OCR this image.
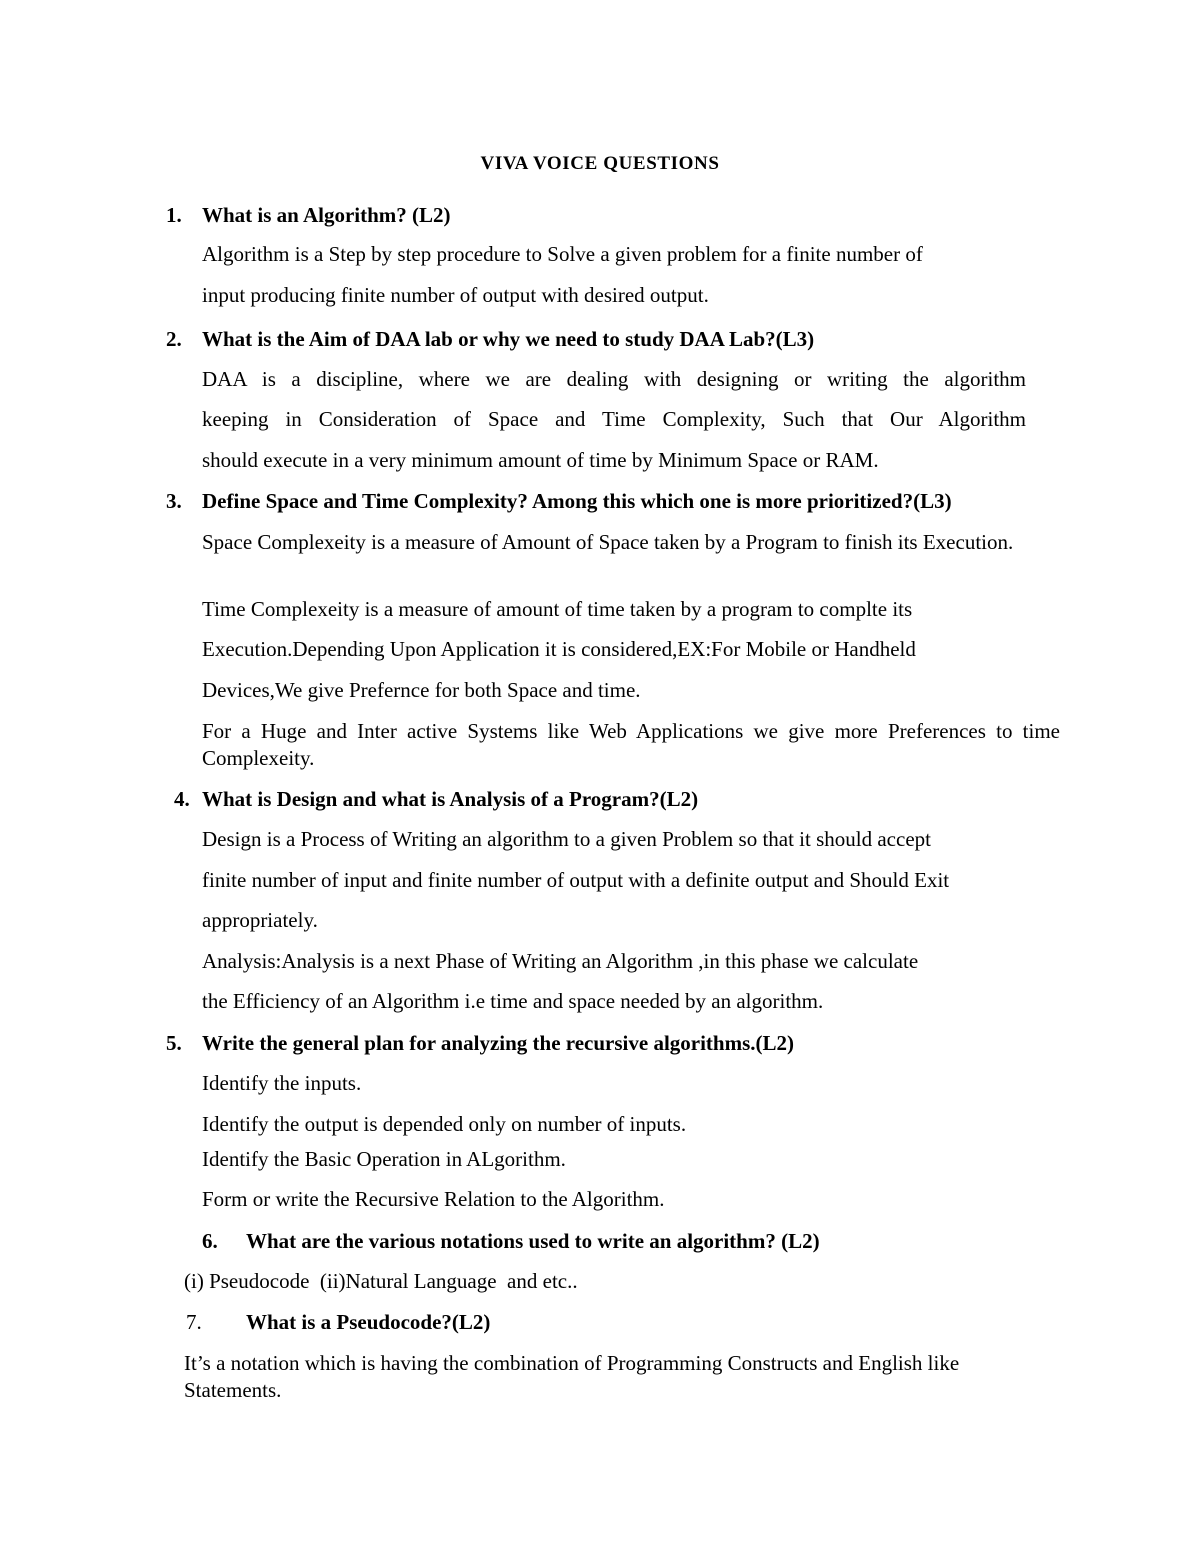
VIVA VOICE QUESTIONS
1. What is an Algorithm? (L2)
Algorithm is a Step by step procedure to Solve a given problem for a finite number of
input producing finite number of output with desired output.
2. What is the Aim of DAA lab or why we need to study DAA Lab?(L3)
DAA is a discipline, where we are dealing with designing or writing the algorithm
keeping in Consideration of Space and Time Complexity, Such that Our Algorithm
should execute in a very minimum amount of time by Minimum Space or RAM.
3. Define Space and Time Complexity? Among this which one is more prioritized?(L3)
Space Complexeity is a measure of Amount of Space taken by a Program to finish its Execution.
Time Complexeity is a measure of amount of time taken by a program to complte its
Execution.Depending Upon Application it is considered,EX:For Mobile or Handheld
Devices,We give Prefernce for both Space and time.
For a Huge and Inter active Systems like Web Applications we give more Preferences to time Complexeity.
4. What is Design and what is Analysis of a Program?(L2)
Design is a Process of Writing an algorithm to a given Problem so that it should accept
finite number of input and finite number of output with a definite output and Should Exit
appropriately.
Analysis:Analysis is a next Phase of Writing an Algorithm ,in this phase we calculate
the Efficiency of an Algorithm i.e time and space needed by an algorithm.
5. Write the general plan for analyzing the recursive algorithms.(L2)
Identify the inputs.
Identify the output is depended only on number of inputs.
Identify the Basic Operation in ALgorithm.
Form or write the Recursive Relation to the Algorithm.
6. What are the various notations used to write an algorithm? (L2)
(i) Pseudocode  (ii)Natural Language  and etc..
7. What is a Pseudocode?(L2)
It’s a notation which is having the combination of Programming Constructs and English like Statements.
